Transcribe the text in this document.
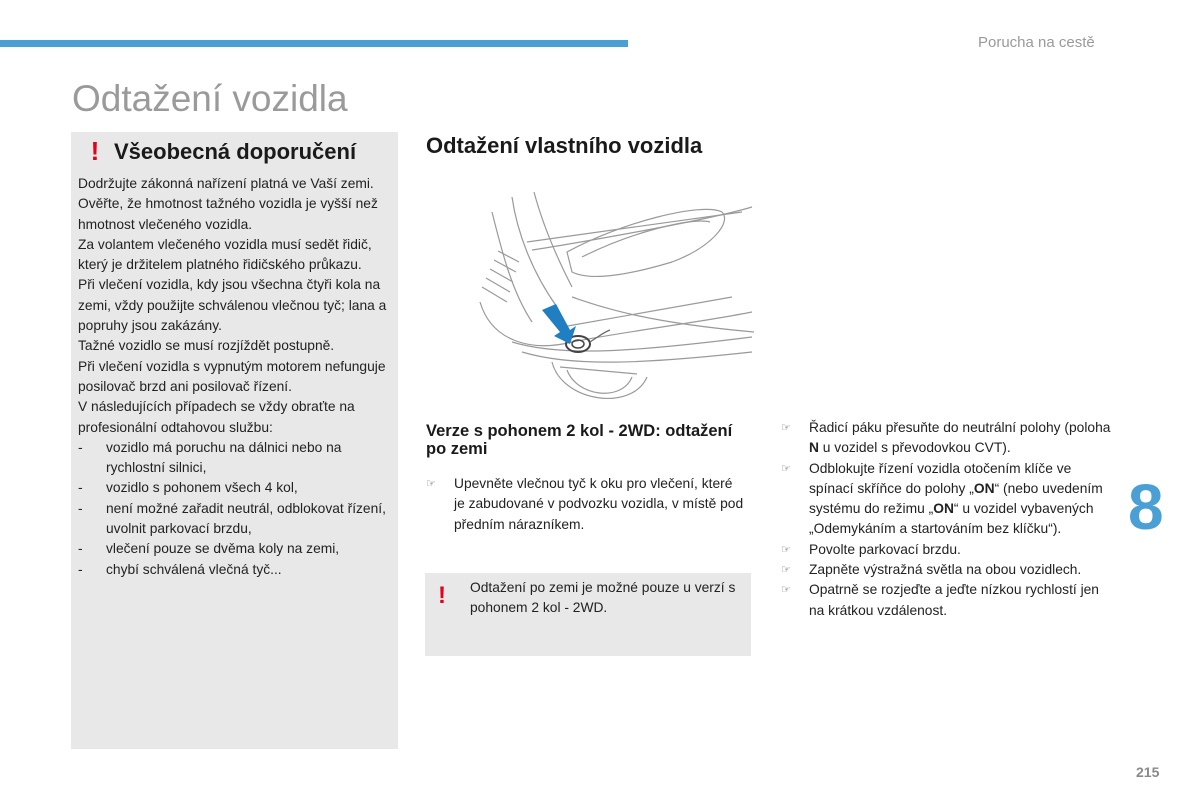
Porucha na cestě
Odtažení vozidla
! Všeobecná doporučení

Dodržujte zákonná nařízení platná ve Vaší zemi.

Ověřte, že hmotnost tažného vozidla je vyšší než hmotnost vlečeného vozidla.

Za volantem vlečeného vozidla musí sedět řidič, který je držitelem platného řidičského průkazu.

Při vlečení vozidla, kdy jsou všechna čtyři kola na zemi, vždy použijte schválenou vlečnou tyč; lana a popruhy jsou zakázány.

Tažné vozidlo se musí rozjíždět postupně.

Při vlečení vozidla s vypnutým motorem nefunguje posilovač brzd ani posilovač řízení.

V následujících případech se vždy obraťte na profesionální odtahovou službu:

- vozidlo má poruchu na dálnici nebo na rychlostní silnici,
- vozidlo s pohonem všech 4 kol,
- není možné zařadit neutrál, odblokovat řízení, uvolnit parkovací brzdu,
- vlečení pouze se dvěma koly na zemi,
- chybí schválená vlečná tyč...
Odtažení vlastního vozidla
Verze s pohonem 2 kol - 2WD: odtažení po zemi
☞ Upevněte vlečnou tyč k oku pro vlečení, které je zabudované v podvozku vozidla, v místě pod předním nárazníkem.
! Odtažení po zemi je možné pouze u verzí s pohonem 2 kol - 2WD.
☞ Řadicí páku přesuňte do neutrální polohy (poloha N u vozidel s převodovkou CVT).
☞ Odblokujte řízení vozidla otočením klíče ve spínací skříňce do polohy „ON“ (nebo uvedením systému do režimu „ON“ u vozidel vybavených „Odemykáním a startováním bez klíčku“).
☞ Povolte parkovací brzdu.
☞ Zapněte výstražná světla na obou vozidlech.
☞ Opatrně se rozjeďte a jeďte nízkou rychlostí jen na krátkou vzdálenost.
8
215
